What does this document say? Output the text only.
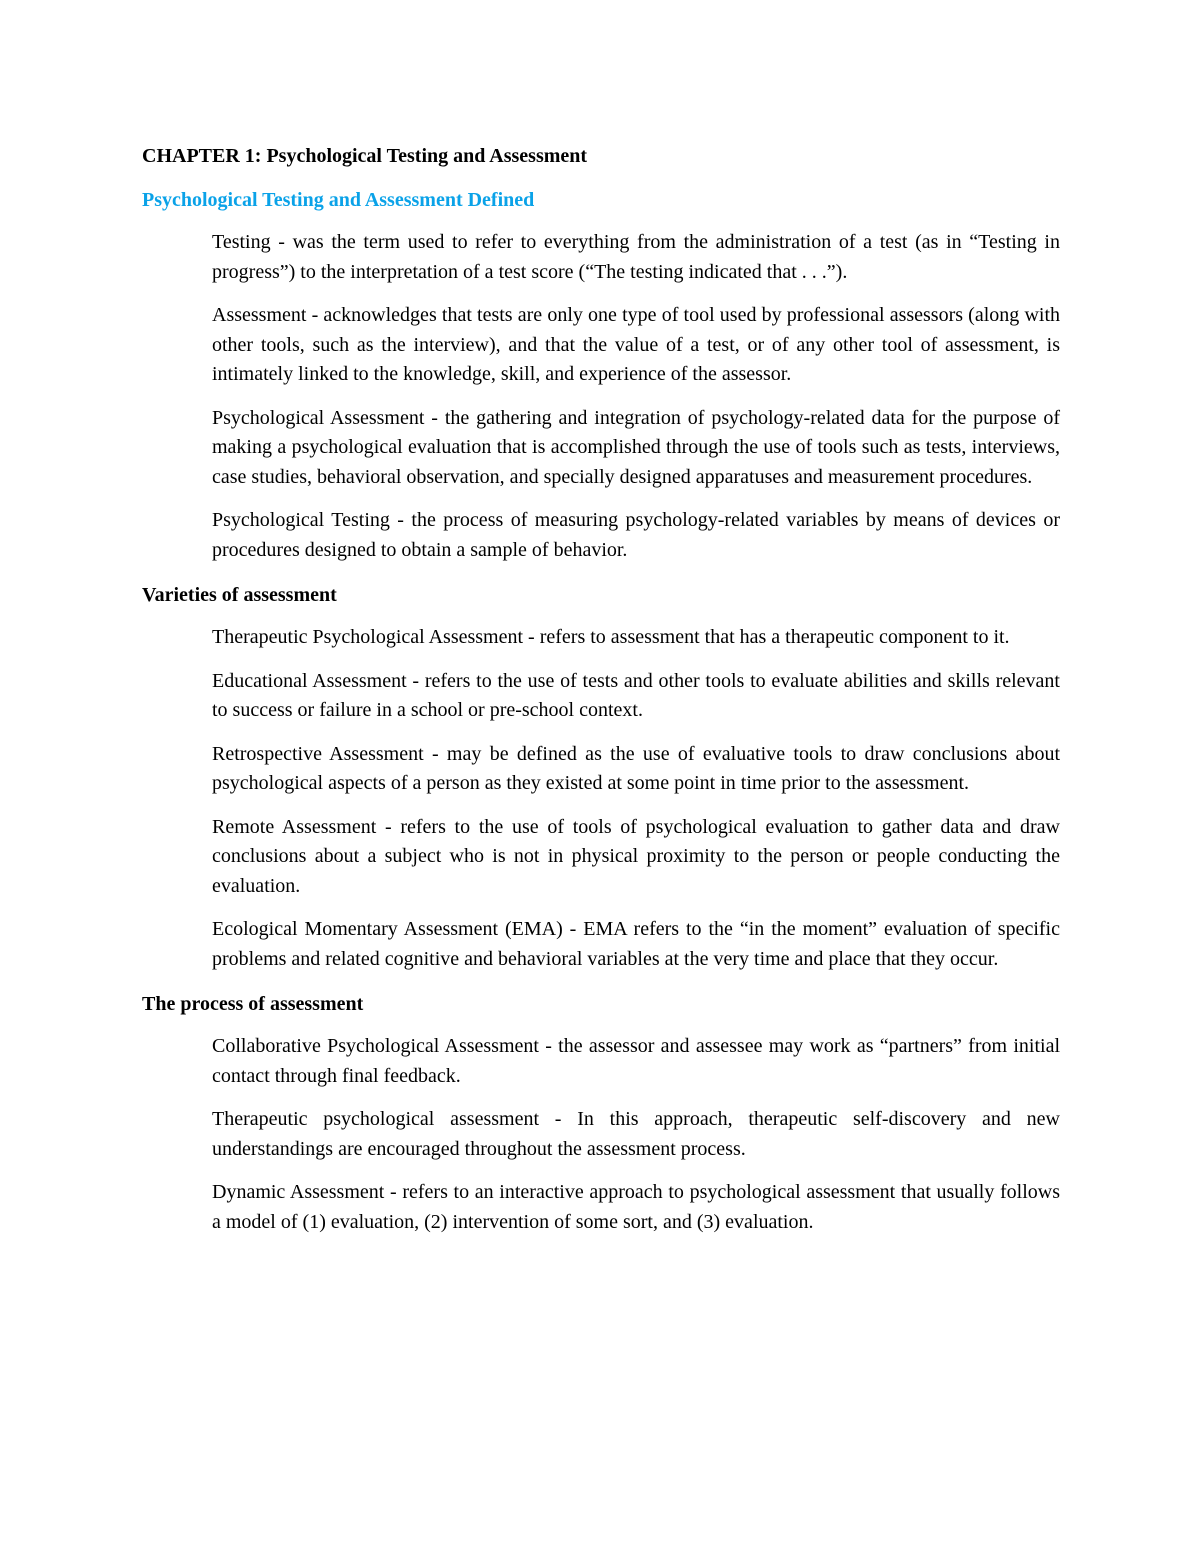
CHAPTER 1: Psychological Testing and Assessment
Psychological Testing and Assessment Defined

Testing - was the term used to refer to everything from the administration of a test (as in “Testing in progress”) to the interpretation of a test score (“The testing indicated that . . .”).

Assessment - acknowledges that tests are only one type of tool used by professional assessors (along with other tools, such as the interview), and that the value of a test, or of any other tool of assessment, is intimately linked to the knowledge, skill, and experience of the assessor.

Psychological Assessment - the gathering and integration of psychology-related data for the purpose of making a psychological evaluation that is accomplished through the use of tools such as tests, interviews, case studies, behavioral observation, and specially designed apparatuses and measurement procedures.

Psychological Testing - the process of measuring psychology-related variables by means of devices or procedures designed to obtain a sample of behavior.

Varieties of assessment

Therapeutic Psychological Assessment - refers to assessment that has a therapeutic component to it.

Educational Assessment - refers to the use of tests and other tools to evaluate abilities and skills relevant to success or failure in a school or pre-school context.

Retrospective Assessment - may be defined as the use of evaluative tools to draw conclusions about psychological aspects of a person as they existed at some point in time prior to the assessment.

Remote Assessment - refers to the use of tools of psychological evaluation to gather data and draw conclusions about a subject who is not in physical proximity to the person or people conducting the evaluation.

Ecological Momentary Assessment (EMA) - EMA refers to the “in the moment” evaluation of specific problems and related cognitive and behavioral variables at the very time and place that they occur.

The process of assessment

Collaborative Psychological Assessment - the assessor and assessee may work as “partners” from initial contact through final feedback.

Therapeutic psychological assessment - In this approach, therapeutic self-discovery and new understandings are encouraged throughout the assessment process.

Dynamic Assessment - refers to an interactive approach to psychological assessment that usually follows a model of (1) evaluation, (2) intervention of some sort, and (3) evaluation.
